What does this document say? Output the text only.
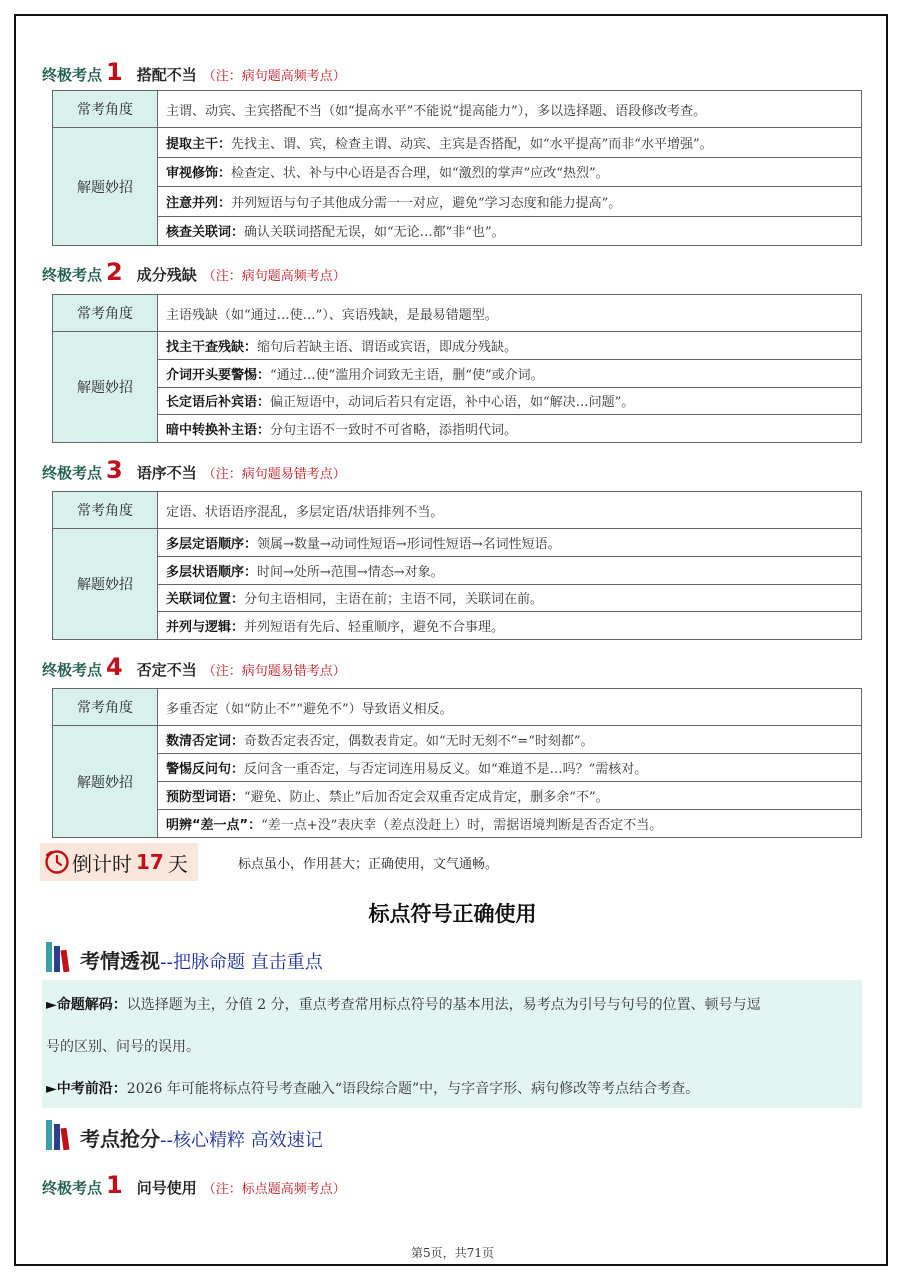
终极考点 1 搭配不当 （注：病句题高频考点）
常考角度	主谓、动宾、主宾搭配不当（如“提高水平”不能说“提高能力”），多以选择题、语段修改考查。
解题妙招
提取主干： 先找主、谓、宾，检查主谓、动宾、主宾是否搭配，如“水平提高”而非“水平增强”。
审视修饰： 检查定、状、补与中心语是否合理，如“激烈的掌声”应改“热烈”。
注意并列： 并列短语与句子其他成分需一一对应，避免“学习态度和能力提高”。
核查关联词： 确认关联词搭配无误，如“无论…都”非“也”。
终极考点 2 成分残缺 （注：病句题高频考点）
常考角度	主语残缺（如“通过…使…”）、宾语残缺，是最易错题型。
解题妙招
找主干查残缺： 缩句后若缺主语、谓语或宾语，即成分残缺。
介词开头要警惕： “通过…使”滥用介词致无主语，删“使”或介词。
长定语后补宾语： 偏正短语中，动词后若只有定语，补中心语，如“解决…问题”。
暗中转换补主语： 分句主语不一致时不可省略，添指明代词。
终极考点 3 语序不当 （注：病句题易错考点）
常考角度	定语、状语语序混乱，多层定语/状语排列不当。
解题妙招
多层定语顺序： 领属→数量→动词性短语→形词性短语→名词性短语。
多层状语顺序： 时间→处所→范围→情态→对象。
关联词位置： 分句主语相同，主语在前；主语不同，关联词在前。
并列与逻辑： 并列短语有先后、轻重顺序，避免不合事理。
终极考点 4 否定不当 （注：病句题易错考点）
常考角度	多重否定（如“防止不”“避免不”）导致语义相反。
解题妙招
数清否定词： 奇数否定表否定，偶数表肯定。如“无时无刻不”=“时刻都”。
警惕反问句： 反问含一重否定，与否定词连用易反义。如“难道不是…吗？”需核对。
预防型词语： “避免、防止、禁止”后加否定会双重否定成肯定，删多余“不”。
明辨“差一点”： “差一点+没”表庆幸（差点没赶上）时，需据语境判断是否否定不当。
倒计时 17 天	标点虽小，作用甚大；正确使用，文气通畅。
标点符号正确使用
考情透视 --把脉命题 直击重点
►命题解码：以选择题为主，分值 2 分，重点考查常用标点符号的基本用法，易考点为引号与句号的位置、顿号与逗
号的区别、问号的误用。
►中考前沿：2026 年可能将标点符号考查融入“语段综合题”中，与字音字形、病句修改等考点结合考查。
考点抢分 --核心精粹 高效速记
终极考点 1 问号使用 （注：标点题高频考点）
第5页，共71页
